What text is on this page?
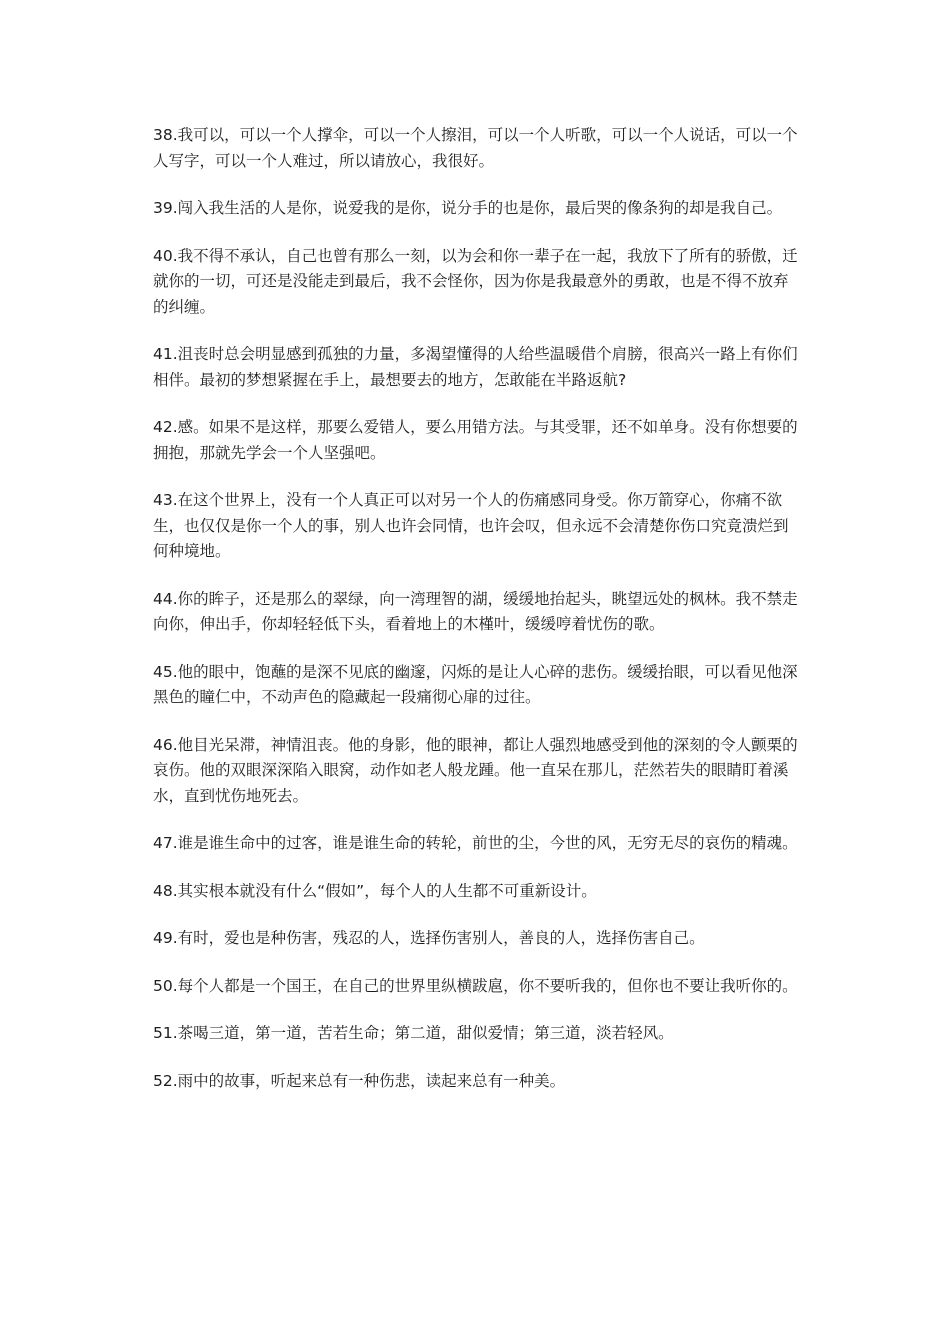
38.我可以，可以一个人撑伞，可以一个人擦泪，可以一个人听歌，可以一个人说话，可以一个人写字，可以一个人难过，所以请放心，我很好。

39.闯入我生活的人是你，说爱我的是你，说分手的也是你，最后哭的像条狗的却是我自己。

40.我不得不承认，自己也曾有那么一刻，以为会和你一辈子在一起，我放下了所有的骄傲，迁就你的一切，可还是没能走到最后，我不会怪你，因为你是我最意外的勇敢，也是不得不放弃的纠缠。

41.沮丧时总会明显感到孤独的力量，多渴望懂得的人给些温暖借个肩膀，很高兴一路上有你们相伴。最初的梦想紧握在手上，最想要去的地方，怎敢能在半路返航?

42.感。如果不是这样，那要么爱错人，要么用错方法。与其受罪，还不如单身。没有你想要的拥抱，那就先学会一个人坚强吧。

43.在这个世界上，没有一个人真正可以对另一个人的伤痛感同身受。你万箭穿心，你痛不欲生，也仅仅是你一个人的事，别人也许会同情，也许会叹，但永远不会清楚你伤口究竟溃烂到何种境地。

44.你的眸子，还是那么的翠绿，向一湾理智的湖，缓缓地抬起头，眺望远处的枫林。我不禁走向你，伸出手，你却轻轻低下头，看着地上的木槿叶，缓缓哼着忧伤的歌。

45.他的眼中，饱蘸的是深不见底的幽邃，闪烁的是让人心碎的悲伤。缓缓抬眼，可以看见他深黑色的瞳仁中，不动声色的隐藏起一段痛彻心扉的过往。

46.他目光呆滞，神情沮丧。他的身影，他的眼神，都让人强烈地感受到他的深刻的令人颤栗的哀伤。他的双眼深深陷入眼窝，动作如老人般龙踵。他一直呆在那儿，茫然若失的眼睛盯着溪水，直到忧伤地死去。

47.谁是谁生命中的过客，谁是谁生命的转轮，前世的尘，今世的风，无穷无尽的哀伤的精魂。

48.其实根本就没有什么“假如”，每个人的人生都不可重新设计。

49.有时，爱也是种伤害，残忍的人，选择伤害别人，善良的人，选择伤害自己。

50.每个人都是一个国王，在自己的世界里纵横跋扈，你不要听我的，但你也不要让我听你的。

51.茶喝三道，第一道，苦若生命；第二道，甜似爱情；第三道，淡若轻风。

52.雨中的故事，听起来总有一种伤悲，读起来总有一种美。
